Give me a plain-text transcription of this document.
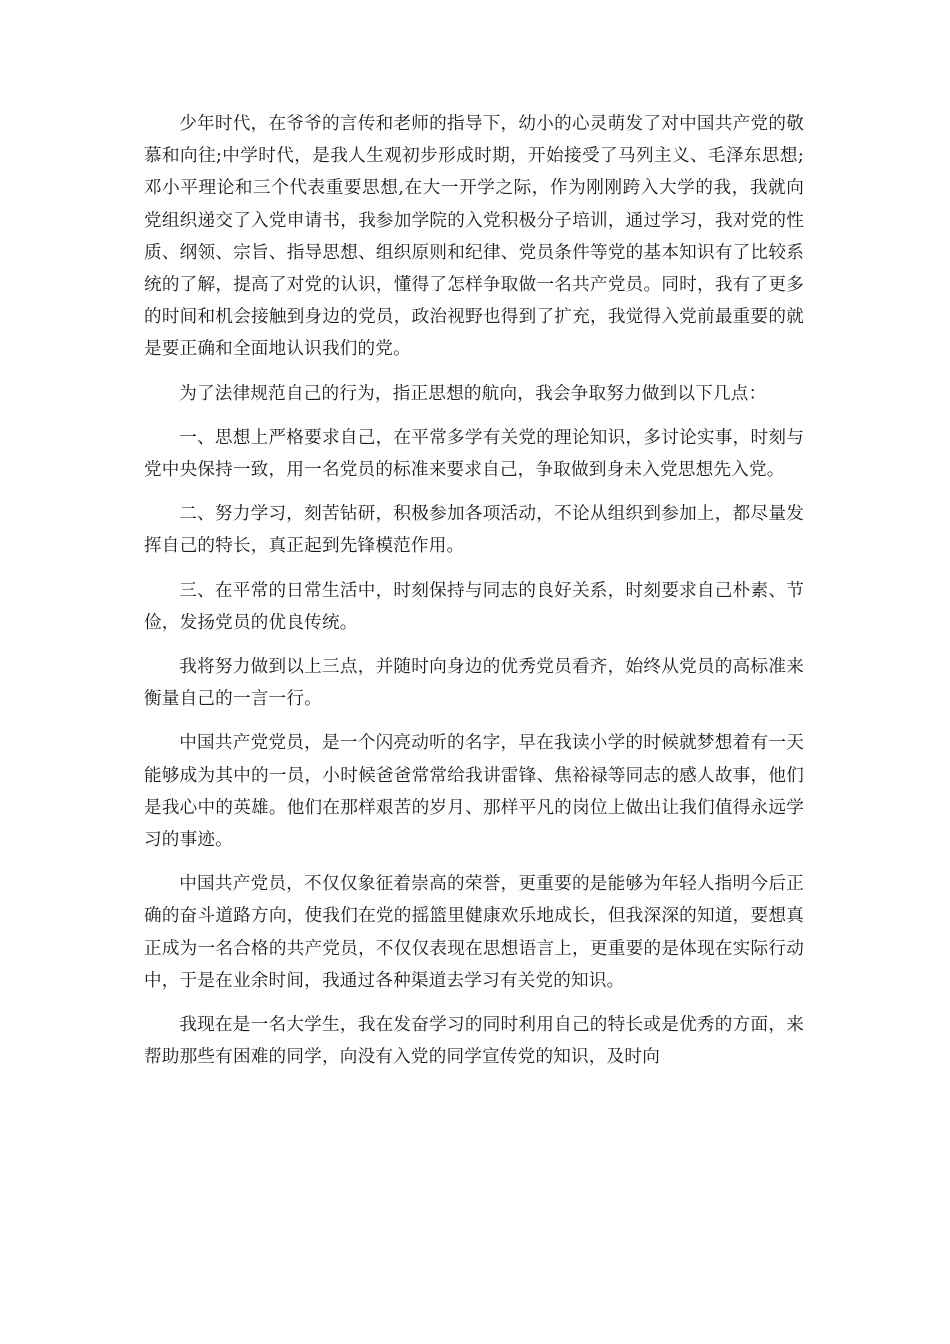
少年时代，在爷爷的言传和老师的指导下，幼小的心灵萌发了对中国共产党的敬慕和向往;中学时代，是我人生观初步形成时期，开始接受了马列主义、毛泽东思想;邓小平理论和三个代表重要思想,在大一开学之际，作为刚刚跨入大学的我，我就向党组织递交了入党申请书，我参加学院的入党积极分子培训，通过学习，我对党的性质、纲领、宗旨、指导思想、组织原则和纪律、党员条件等党的基本知识有了比较系统的了解，提高了对党的认识，懂得了怎样争取做一名共产党员。同时，我有了更多的时间和机会接触到身边的党员，政治视野也得到了扩充，我觉得入党前最重要的就是要正确和全面地认识我们的党。

为了法律规范自己的行为，指正思想的航向，我会争取努力做到以下几点：

一、思想上严格要求自己，在平常多学有关党的理论知识，多讨论实事，时刻与党中央保持一致，用一名党员的标准来要求自己，争取做到身未入党思想先入党。

二、努力学习，刻苦钻研，积极参加各项活动，不论从组织到参加上，都尽量发挥自己的特长，真正起到先锋模范作用。

三、在平常的日常生活中，时刻保持与同志的良好关系，时刻要求自己朴素、节俭，发扬党员的优良传统。

我将努力做到以上三点，并随时向身边的优秀党员看齐，始终从党员的高标准来衡量自己的一言一行。

中国共产党党员，是一个闪亮动听的名字，早在我读小学的时候就梦想着有一天能够成为其中的一员，小时候爸爸常常给我讲雷锋、焦裕禄等同志的感人故事，他们是我心中的英雄。他们在那样艰苦的岁月、那样平凡的岗位上做出让我们值得永远学习的事迹。

中国共产党员，不仅仅象征着崇高的荣誉，更重要的是能够为年轻人指明今后正确的奋斗道路方向，使我们在党的摇篮里健康欢乐地成长，但我深深的知道，要想真正成为一名合格的共产党员，不仅仅表现在思想语言上，更重要的是体现在实际行动中，于是在业余时间，我通过各种渠道去学习有关党的知识。

我现在是一名大学生，我在发奋学习的同时利用自己的特长或是优秀的方面，来帮助那些有困难的同学，向没有入党的同学宣传党的知识，及时向
